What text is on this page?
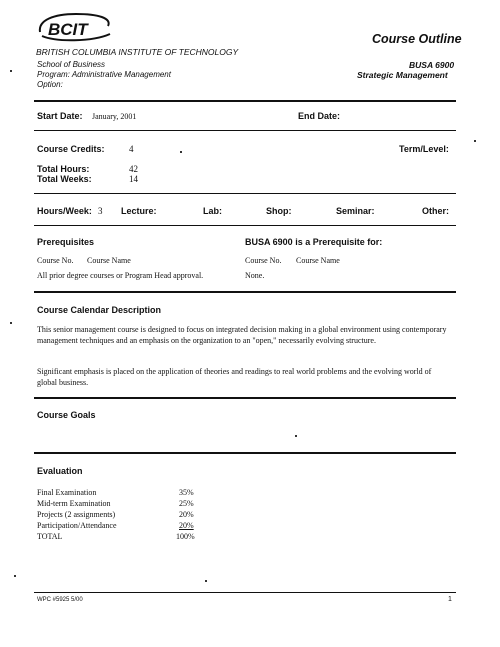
BCIT
BRITISH COLUMBIA INSTITUTE OF TECHNOLOGY
Course Outline
School of Business
Program: Administrative Management
Option:
BUSA 6900
Strategic Management
Start Date: January, 2001	End Date:
Course Credits:	4	Term/Level:
Total Hours:	42
Total Weeks:	14
Hours/Week: 3 Lecture:	Lab:	Shop:	Seminar:	Other:
Prerequisites
Course No. Course Name
All prior degree courses or Program Head approval.
BUSA 6900 is a Prerequisite for:
Course No. Course Name
None.
Course Calendar Description
This senior management course is designed to focus on integrated decision making in a global environment using contemporary management techniques and an emphasis on the organization to an "open," necessarily evolving structure.
Significant emphasis is placed on the application of theories and readings to real world problems and the evolving world of global business.
Course Goals
Evaluation
Final Examination	35%
Mid-term Examination	25%
Projects (2 assignments)	20%
Participation/Attendance	20%
TOTAL	100%
WPC #5925 5/00	1
